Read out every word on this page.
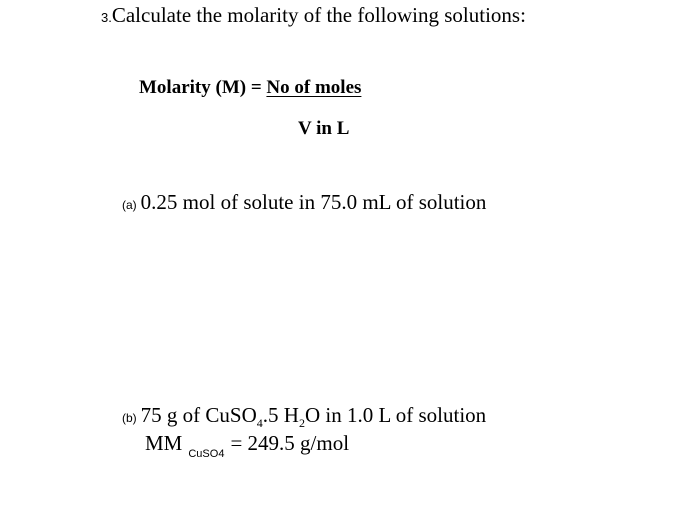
3.Calculate the molarity of the following solutions:
Molarity (M) = No of moles
V in L
(a) 0.25 mol of solute in 75.0 mL of solution
(b) 75 g of CuSO$_4$.5 $H_2O$ in 1.0 L of solution
MM $_{CuSO4}$ = 249.5 g/mol
